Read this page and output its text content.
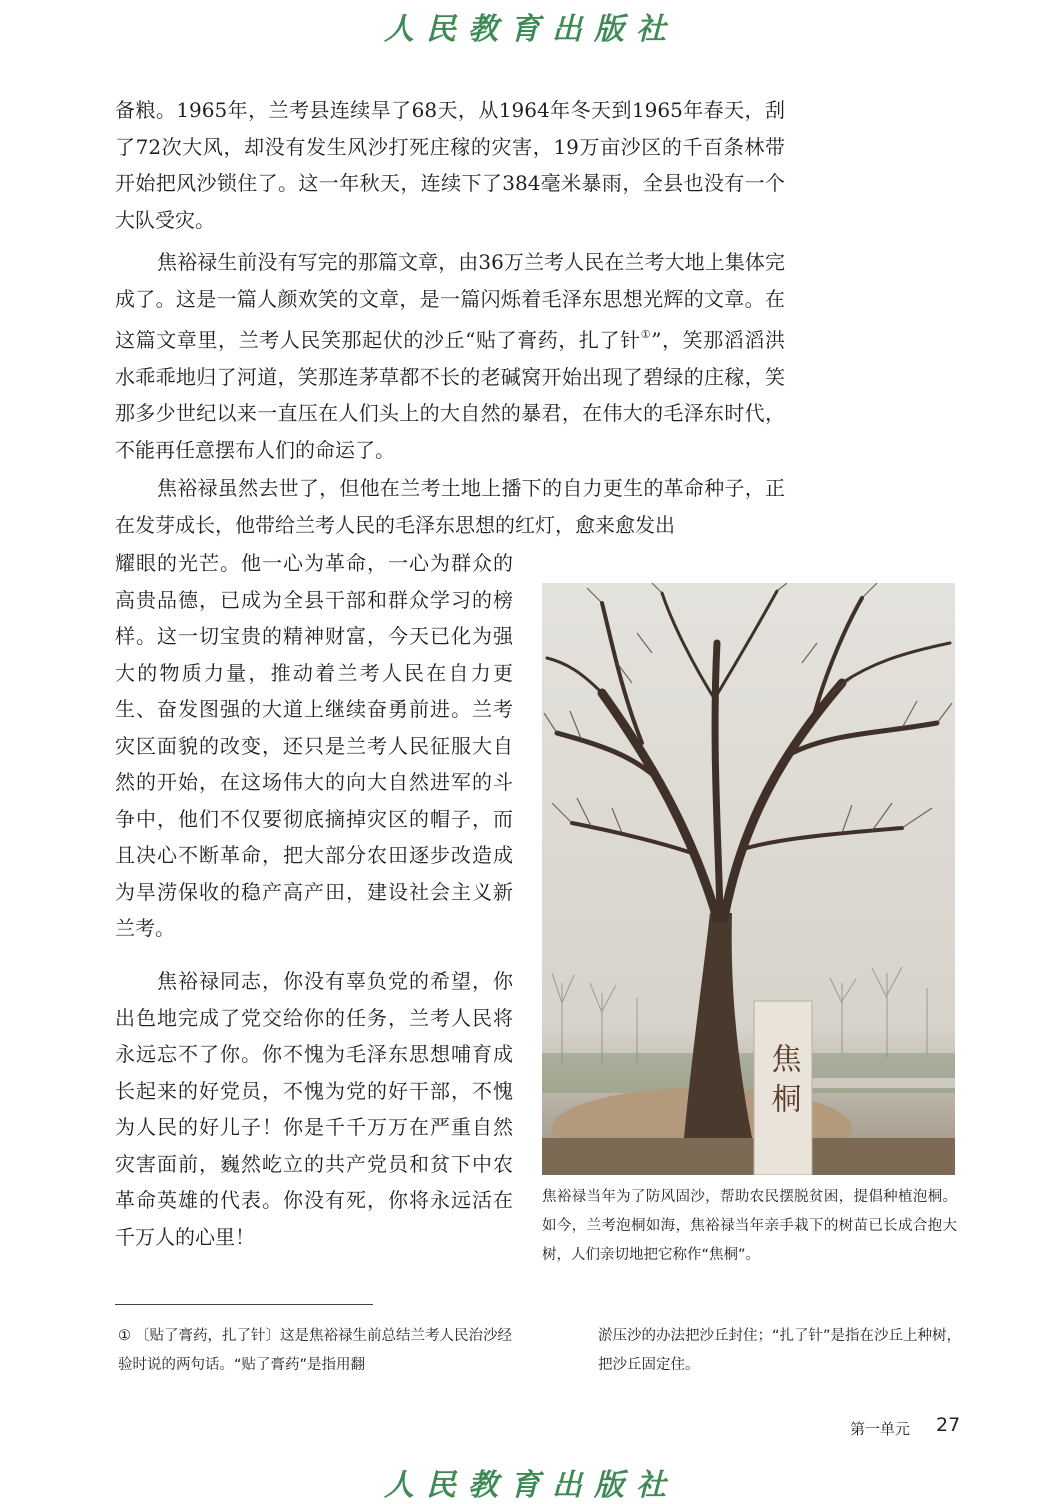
人民教育出版社

备粮。1965年，兰考县连续旱了68天，从1964年冬天到1965年春天，刮了72次大风，却没有发生风沙打死庄稼的灾害，19万亩沙区的千百条林带开始把风沙锁住了。这一年秋天，连续下了384毫米暴雨，全县也没有一个大队受灾。

焦裕禄生前没有写完的那篇文章，由36万兰考人民在兰考大地上集体完成了。这是一篇人颜欢笑的文章，是一篇闪烁着毛泽东思想光辉的文章。在这篇文章里，兰考人民笑那起伏的沙丘“贴了膏药，扎了针①”，笑那滔滔洪水乖乖地归了河道，笑那连茅草都不长的老碱窝开始出现了碧绿的庄稼，笑那多少世纪以来一直压在人们头上的大自然的暴君，在伟大的毛泽东时代，不能再任意摆布人们的命运了。

焦裕禄虽然去世了，但他在兰考土地上播下的自力更生的革命种子，正在发芽成长，他带给兰考人民的毛泽东思想的红灯，愈来愈发出

耀眼的光芒。他一心为革命，一心为群众的高贵品德，已成为全县干部和群众学习的榜样。这一切宝贵的精神财富，今天已化为强大的物质力量，推动着兰考人民在自力更生、奋发图强的大道上继续奋勇前进。兰考灾区面貌的改变，还只是兰考人民征服大自然的开始，在这场伟大的向大自然进军的斗争中，他们不仅要彻底摘掉灾区的帽子，而且决心不断革命，把大部分农田逐步改造成为旱涝保收的稳产高产田，建设社会主义新兰考。

焦裕禄同志，你没有辜负党的希望，你出色地完成了党交给你的任务，兰考人民将永远忘不了你。你不愧为毛泽东思想哺育成长起来的好党员，不愧为党的好干部，不愧为人民的好儿子！你是千千万万在严重自然灾害面前，巍然屹立的共产党员和贫下中农革命英雄的代表。你没有死，你将永远活在千万人的心里！

焦桐
焦裕禄当年为了防风固沙，帮助农民摆脱贫困，提倡种植泡桐。如今，兰考泡桐如海，焦裕禄当年亲手栽下的树苗已长成合抱大树，人们亲切地把它称作“焦桐”。
① 〔贴了膏药，扎了针〕这是焦裕禄生前总结兰考人民治沙经验时说的两句话。“贴了膏药”是指用翻
淤压沙的办法把沙丘封住；“扎了针”是指在沙丘上种树，把沙丘固定住。
第一单元 27
人民教育出版社
